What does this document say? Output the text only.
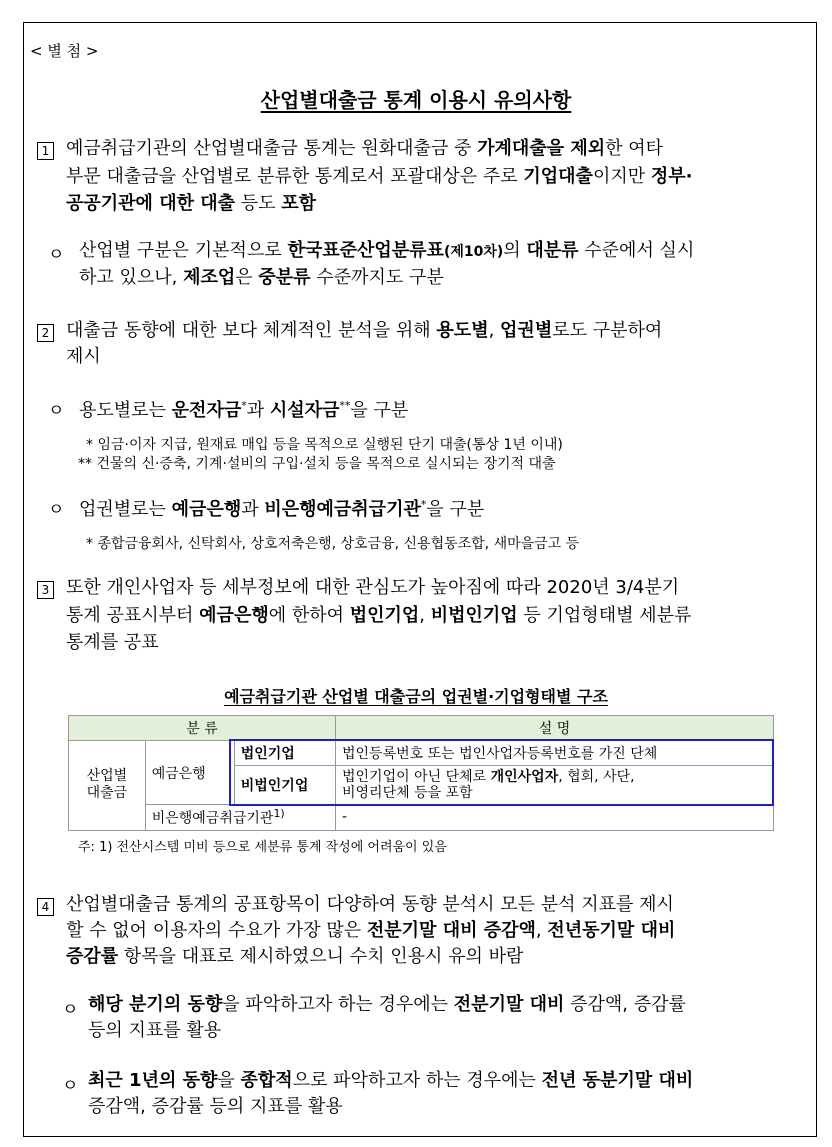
< 별 첨 >
산업별대출금 통계 이용시 유의사항
1 예금취급기관의 산업별대출금 통계는 원화대출금 중 가계대출을 제외한 여타
부문 대출금을 산업별로 분류한 통계로서 포괄대상은 주로 기업대출이지만 정부·
공공기관에 대한 대출 등도 포함
ㅇ 산업별 구분은 기본적으로 한국표준산업분류표(제10차)의 대분류 수준에서 실시
하고 있으나, 제조업은 중분류 수준까지도 구분
2 대출금 동향에 대한 보다 체계적인 분석을 위해 용도별, 업권별로도 구분하여
제시
ㅇ 용도별로는 운전자금*과 시설자금**을 구분
* 임금·이자 지급, 원재료 매입 등을 목적으로 실행된 단기 대출(통상 1년 이내)
** 건물의 신·증축, 기계·설비의 구입·설치 등을 목적으로 실시되는 장기적 대출
ㅇ 업권별로는 예금은행과 비은행예금취급기관*을 구분
* 종합금융회사, 신탁회사, 상호저축은행, 상호금융, 신용협동조합, 새마을금고 등
3 또한 개인사업자 등 세부정보에 대한 관심도가 높아짐에 따라 2020년 3/4분기
통계 공표시부터 예금은행에 한하여 법인기업, 비법인기업 등 기업형태별 세분류
통계를 공표
예금취급기관 산업별 대출금의 업권별·기업형태별 구조
분 류			설 명
산업별
대출금	예금은행	법인기업	법인등록번호 또는 법인사업자등록번호를 가진 단체
		비법인기업	법인기업이 아닌 단체로 개인사업자, 협회, 사단,
비영리단체 등을 포함
	비은행예금취급기관$^{1)}$		-
주: 1) 전산시스템 미비 등으로 세분류 통계 작성에 어려움이 있음
4 산업별대출금 통계의 공표항목이 다양하여 동향 분석시 모든 분석 지표를 제시
할 수 없어 이용자의 수요가 가장 많은 전분기말 대비 증감액, 전년동기말 대비
증감률 항목을 대표로 제시하였으니 수치 인용시 유의 바람
ㅇ 해당 분기의 동향을 파악하고자 하는 경우에는 전분기말 대비 증감액, 증감률
등의 지표를 활용
ㅇ 최근 1년의 동향을 종합적으로 파악하고자 하는 경우에는 전년 동분기말 대비
증감액, 증감률 등의 지표를 활용
